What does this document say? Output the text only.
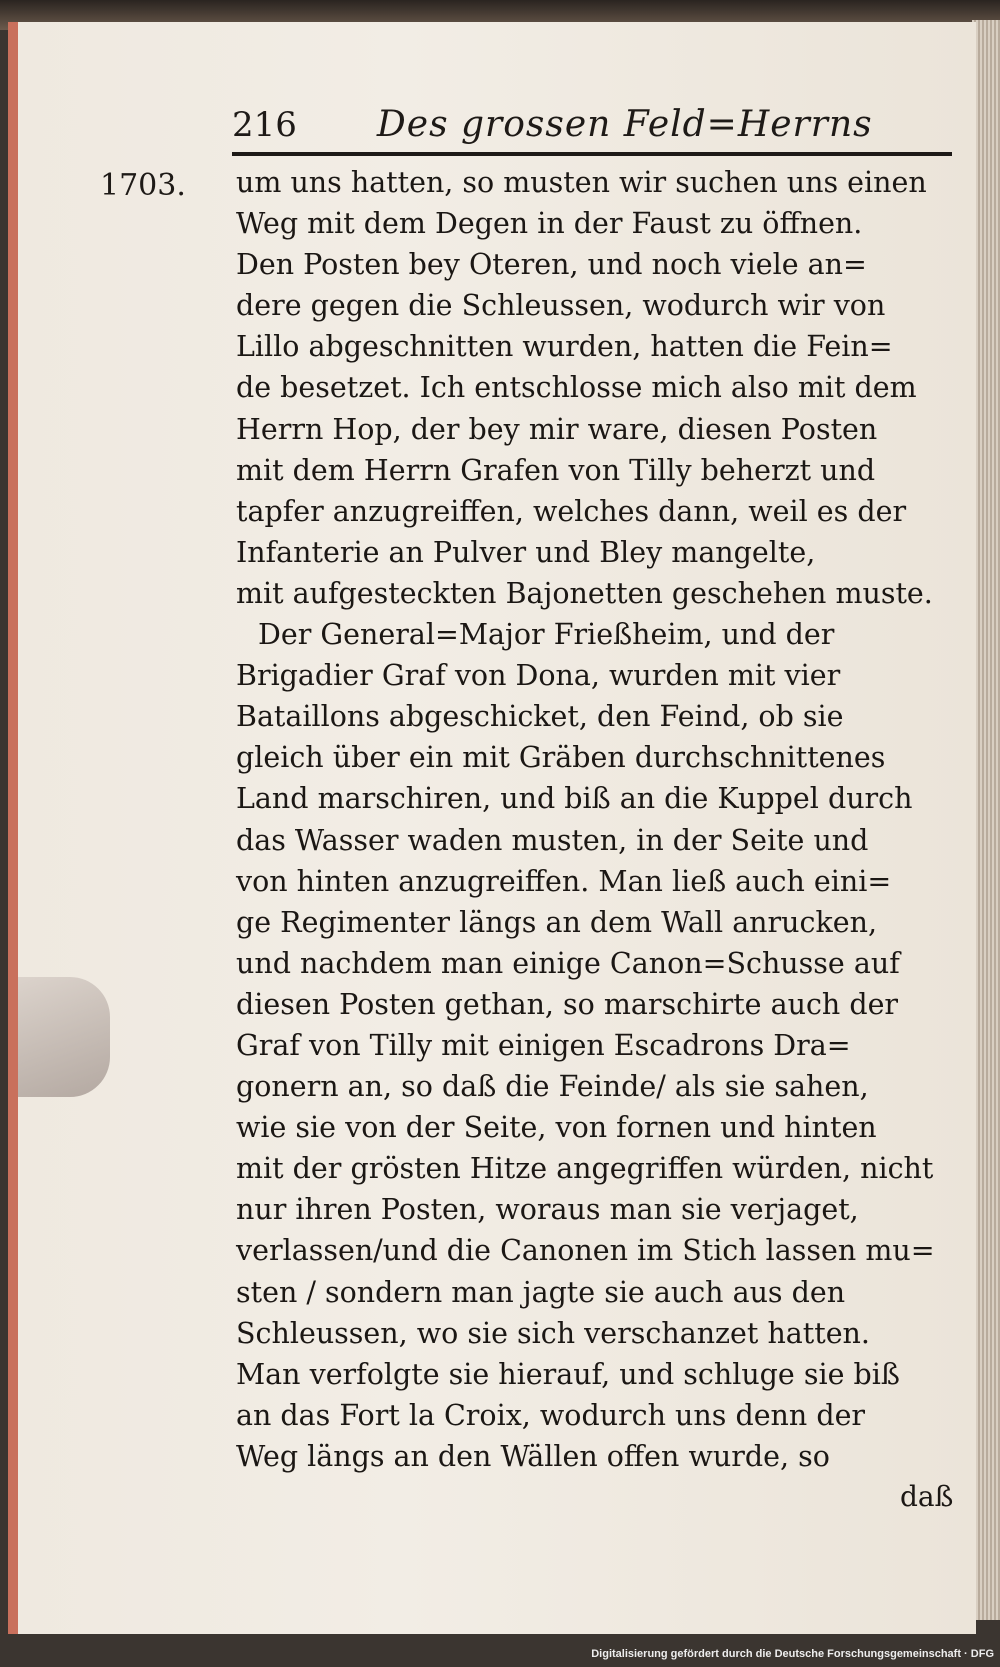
216 Des grossen Feld=Herrns
1703. um uns hatten, so musten wir suchen uns einen
Weg mit dem Degen in der Faust zu öffnen.
Den Posten bey Oteren, und noch viele an=
dere gegen die Schleussen, wodurch wir von
Lillo abgeschnitten wurden, hatten die Fein=
de besetzet. Ich entschlosse mich also mit dem
Herrn Hop, der bey mir ware, diesen Posten
mit dem Herrn Grafen von Tilly beherzt und
tapfer anzugreiffen, welches dann, weil es der
Infanterie an Pulver und Bley mangelte,
mit aufgesteckten Bajonetten geschehen muste.
Der General=Major Frießheim, und der
Brigadier Graf von Dona, wurden mit vier
Bataillons abgeschicket, den Feind, ob sie
gleich über ein mit Gräben durchschnittenes
Land marschiren, und biß an die Kuppel durch
das Wasser waden musten, in der Seite und
von hinten anzugreiffen. Man ließ auch eini=
ge Regimenter längs an dem Wall anrucken,
und nachdem man einige Canon=Schusse auf
diesen Posten gethan, so marschirte auch der
Graf von Tilly mit einigen Escadrons Dra=
gonern an, so daß die Feinde/ als sie sahen,
wie sie von der Seite, von fornen und hinten
mit der grösten Hitze angegriffen würden, nicht
nur ihren Posten, woraus man sie verjaget,
verlassen/und die Canonen im Stich lassen mu=
sten / sondern man jagte sie auch aus den
Schleussen, wo sie sich verschanzet hatten.
Man verfolgte sie hierauf, und schluge sie biß
an das Fort la Croix, wodurch uns denn der
Weg längs an den Wällen offen wurde, so
daß
Digitalisierung gefördert durch die Deutsche Forschungsgemeinschaft · DFG
